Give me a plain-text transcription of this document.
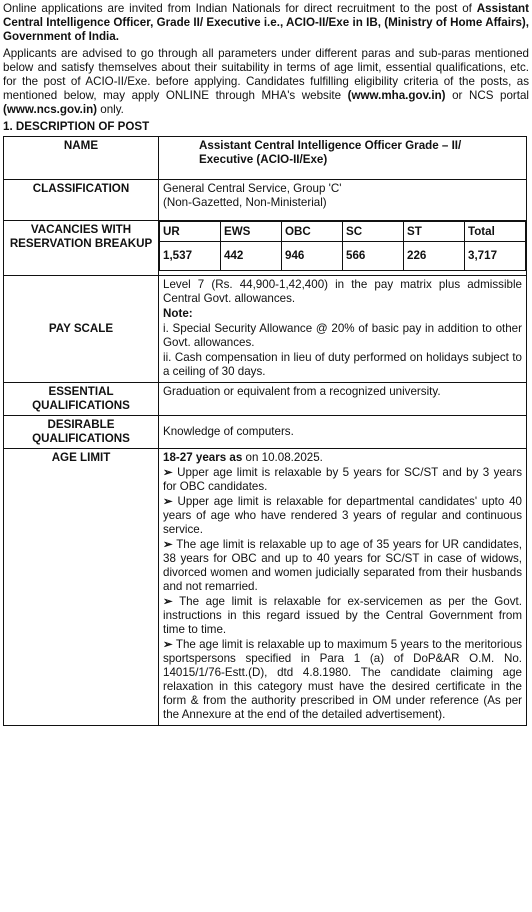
Online applications are invited from Indian Nationals for direct recruitment to the post of Assistant Central Intelligence Officer, Grade II/ Executive i.e., ACIO-II/Exe in IB, (Ministry of Home Affairs), Government of India.

Applicants are advised to go through all parameters under different paras and sub-paras mentioned below and satisfy themselves about their suitability in terms of age limit, essential qualifications, etc. for the post of ACIO-II/Exe. before applying. Candidates fulfilling eligibility criteria of the posts, as mentioned below, may apply ONLINE through MHA's website (www.mha.gov.in) or NCS portal (www.ncs.gov.in) only.

1. DESCRIPTION OF POST
NAME	Assistant Central Intelligence Officer Grade – II/ Executive (ACIO-II/Exe)
CLASSIFICATION	General Central Service, Group 'C'
(Non-Gazetted, Non-Ministerial)

VACANCIES WITH RESERVATION BREAKUP	
UR	EWS	OBC	SC	ST	Total
1,537	442	946	566	226	3,717

PAY SCALE	

Level 7 (Rs. 44,900-1,42,400) in the pay matrix plus admissible Central Govt. allowances.

Note:

i. Special Security Allowance @ 20% of basic pay in addition to other Govt. allowances.

ii. Cash compensation in lieu of duty performed on holidays subject to a ceiling of 30 days.

ESSENTIAL QUALIFICATIONS	Graduation or equivalent from a recognized university.
DESIRABLE QUALIFICATIONS	Knowledge of computers.
AGE LIMIT	18-27 years as on 10.08.2025.

➢ Upper age limit is relaxable by 5 years for SC/ST and by 3 years for OBC candidates.

➢ Upper age limit is relaxable for departmental candidates' upto 40 years of age who have rendered 3 years of regular and continuous service.

➢ The age limit is relaxable up to age of 35 years for UR candidates, 38 years for OBC and up to 40 years for SC/ST in case of widows, divorced women and women judicially separated from their husbands and not remarried.

➢ The age limit is relaxable for ex-servicemen as per the Govt. instructions in this regard issued by the Central Government from time to time.

➢ The age limit is relaxable up to maximum 5 years to the meritorious sportspersons specified in Para 1 (a) of DoP&AR O.M. No. 14015/1/76-Estt.(D), dtd 4.8.1980. The candidate claiming age relaxation in this category must have the desired certificate in the form & from the authority prescribed in OM under reference (As per the Annexure at the end of the detailed advertisement).
